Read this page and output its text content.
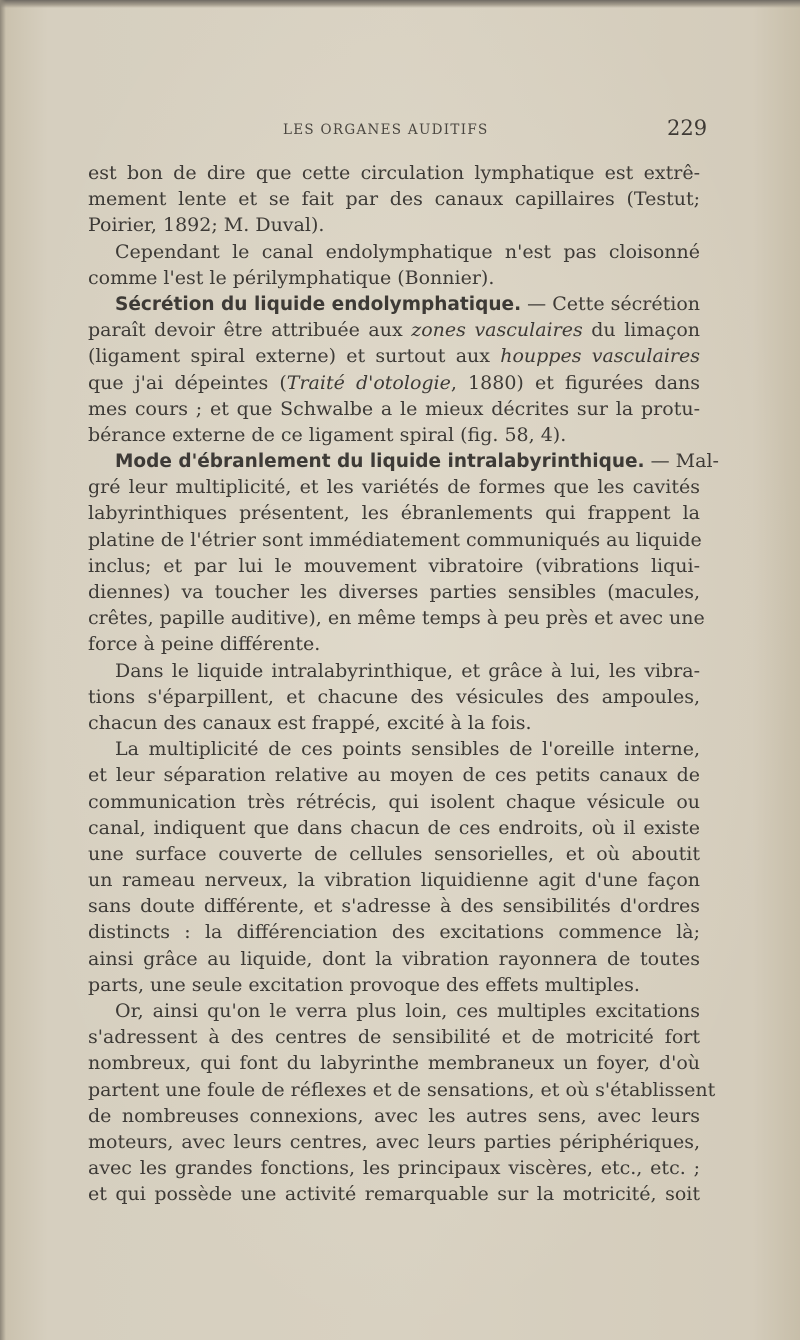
LES ORGANES AUDITIFS	229
est bon de dire que cette circulation lymphatique est extrê-
mement lente et se fait par des canaux capillaires (Testut;
Poirier, 1892; M. Duval).
Cependant le canal endolymphatique n'est pas cloisonné
comme l'est le périlymphatique (Bonnier).
Sécrétion du liquide endolymphatique. — Cette sécrétion
paraît devoir être attribuée aux zones vasculaires du limaçon
(ligament spiral externe) et surtout aux houppes vasculaires
que j'ai dépeintes (Traité d'otologie, 1880) et figurées dans
mes cours ; et que Schwalbe a le mieux décrites sur la protu-
bérance externe de ce ligament spiral (fig. 58, 4).
Mode d'ébranlement du liquide intralabyrinthique. — Mal-
gré leur multiplicité, et les variétés de formes que les cavités
labyrinthiques présentent, les ébranlements qui frappent la
platine de l'étrier sont immédiatement communiqués au liquide
inclus; et par lui le mouvement vibratoire (vibrations liqui-
diennes) va toucher les diverses parties sensibles (macules,
crêtes, papille auditive), en même temps à peu près et avec une
force à peine différente.
Dans le liquide intralabyrinthique, et grâce à lui, les vibra-
tions s'éparpillent, et chacune des vésicules des ampoules,
chacun des canaux est frappé, excité à la fois.
La multiplicité de ces points sensibles de l'oreille interne,
et leur séparation relative au moyen de ces petits canaux de
communication très rétrécis, qui isolent chaque vésicule ou
canal, indiquent que dans chacun de ces endroits, où il existe
une surface couverte de cellules sensorielles, et où aboutit
un rameau nerveux, la vibration liquidienne agit d'une façon
sans doute différente, et s'adresse à des sensibilités d'ordres
distincts : la différenciation des excitations commence là;
ainsi grâce au liquide, dont la vibration rayonnera de toutes
parts, une seule excitation provoque des effets multiples.
Or, ainsi qu'on le verra plus loin, ces multiples excitations
s'adressent à des centres de sensibilité et de motricité fort
nombreux, qui font du labyrinthe membraneux un foyer, d'où
partent une foule de réflexes et de sensations, et où s'établissent
de nombreuses connexions, avec les autres sens, avec leurs
moteurs, avec leurs centres, avec leurs parties périphériques,
avec les grandes fonctions, les principaux viscères, etc., etc. ;
et qui possède une activité remarquable sur la motricité, soit
